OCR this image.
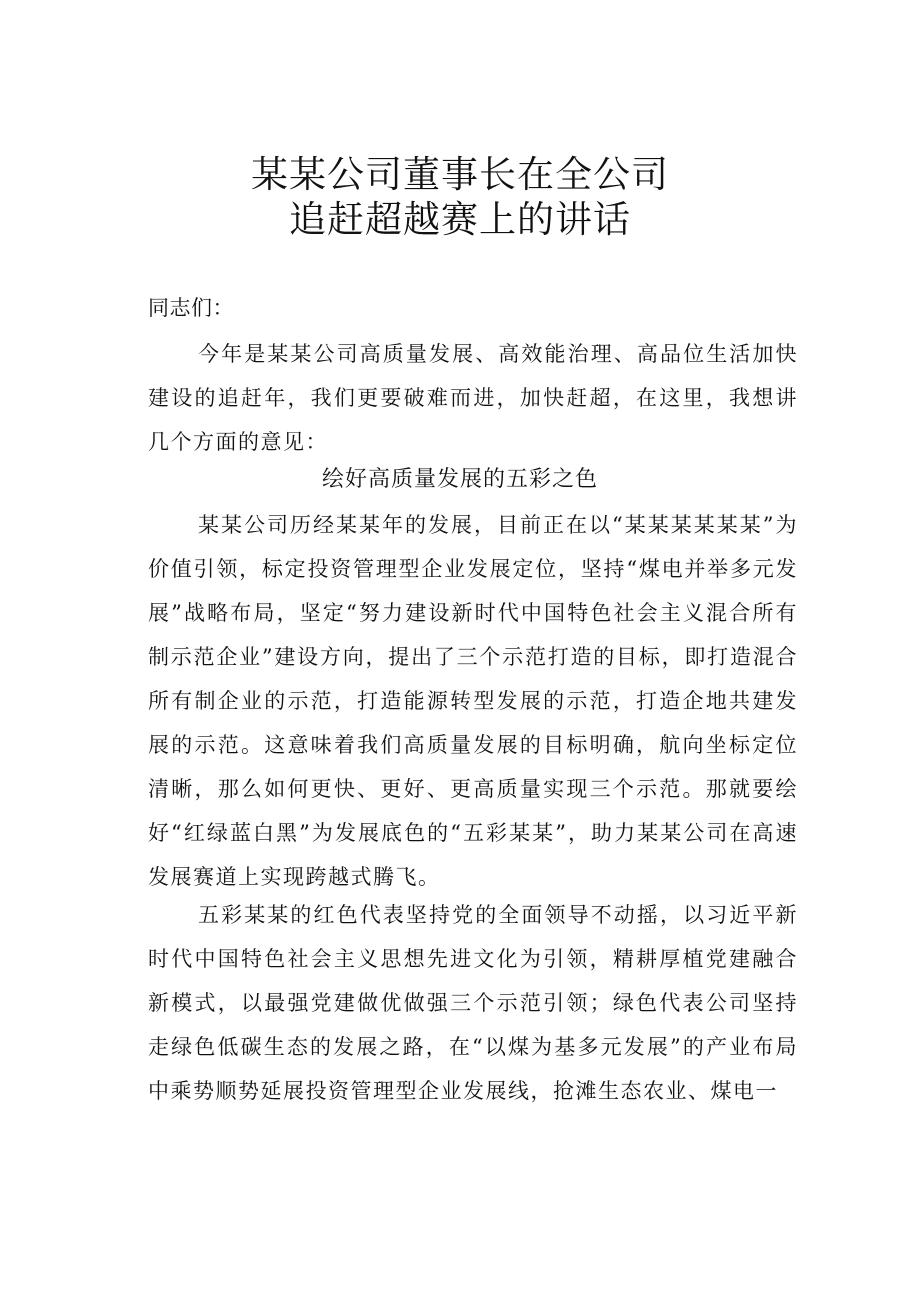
某某公司董事长在全公司
追赶超越赛上的讲话
同志们：
今年是某某公司高质量发展、高效能治理、高品位生活加快建设的追赶年，我们更要破难而进，加快赶超，在这里，我想讲几个方面的意见：
绘好高质量发展的五彩之色
某某公司历经某某年的发展，目前正在以“某某某某某某”为价值引领，标定投资管理型企业发展定位，坚持“煤电并举多元发展”战略布局，坚定“努力建设新时代中国特色社会主义混合所有制示范企业”建设方向，提出了三个示范打造的目标，即打造混合所有制企业的示范，打造能源转型发展的示范，打造企地共建发展的示范。这意味着我们高质量发展的目标明确，航向坐标定位清晰，那么如何更快、更好、更高质量实现三个示范。那就要绘好“红绿蓝白黑”为发展底色的“五彩某某”，助力某某公司在高速发展赛道上实现跨越式腾飞。
五彩某某的红色代表坚持党的全面领导不动摇，以习近平新时代中国特色社会主义思想先进文化为引领，精耕厚植党建融合新模式，以最强党建做优做强三个示范引领；绿色代表公司坚持走绿色低碳生态的发展之路，在“以煤为基多元发展”的产业布局中乘势顺势延展投资管理型企业发展线，抢滩生态农业、煤电一
